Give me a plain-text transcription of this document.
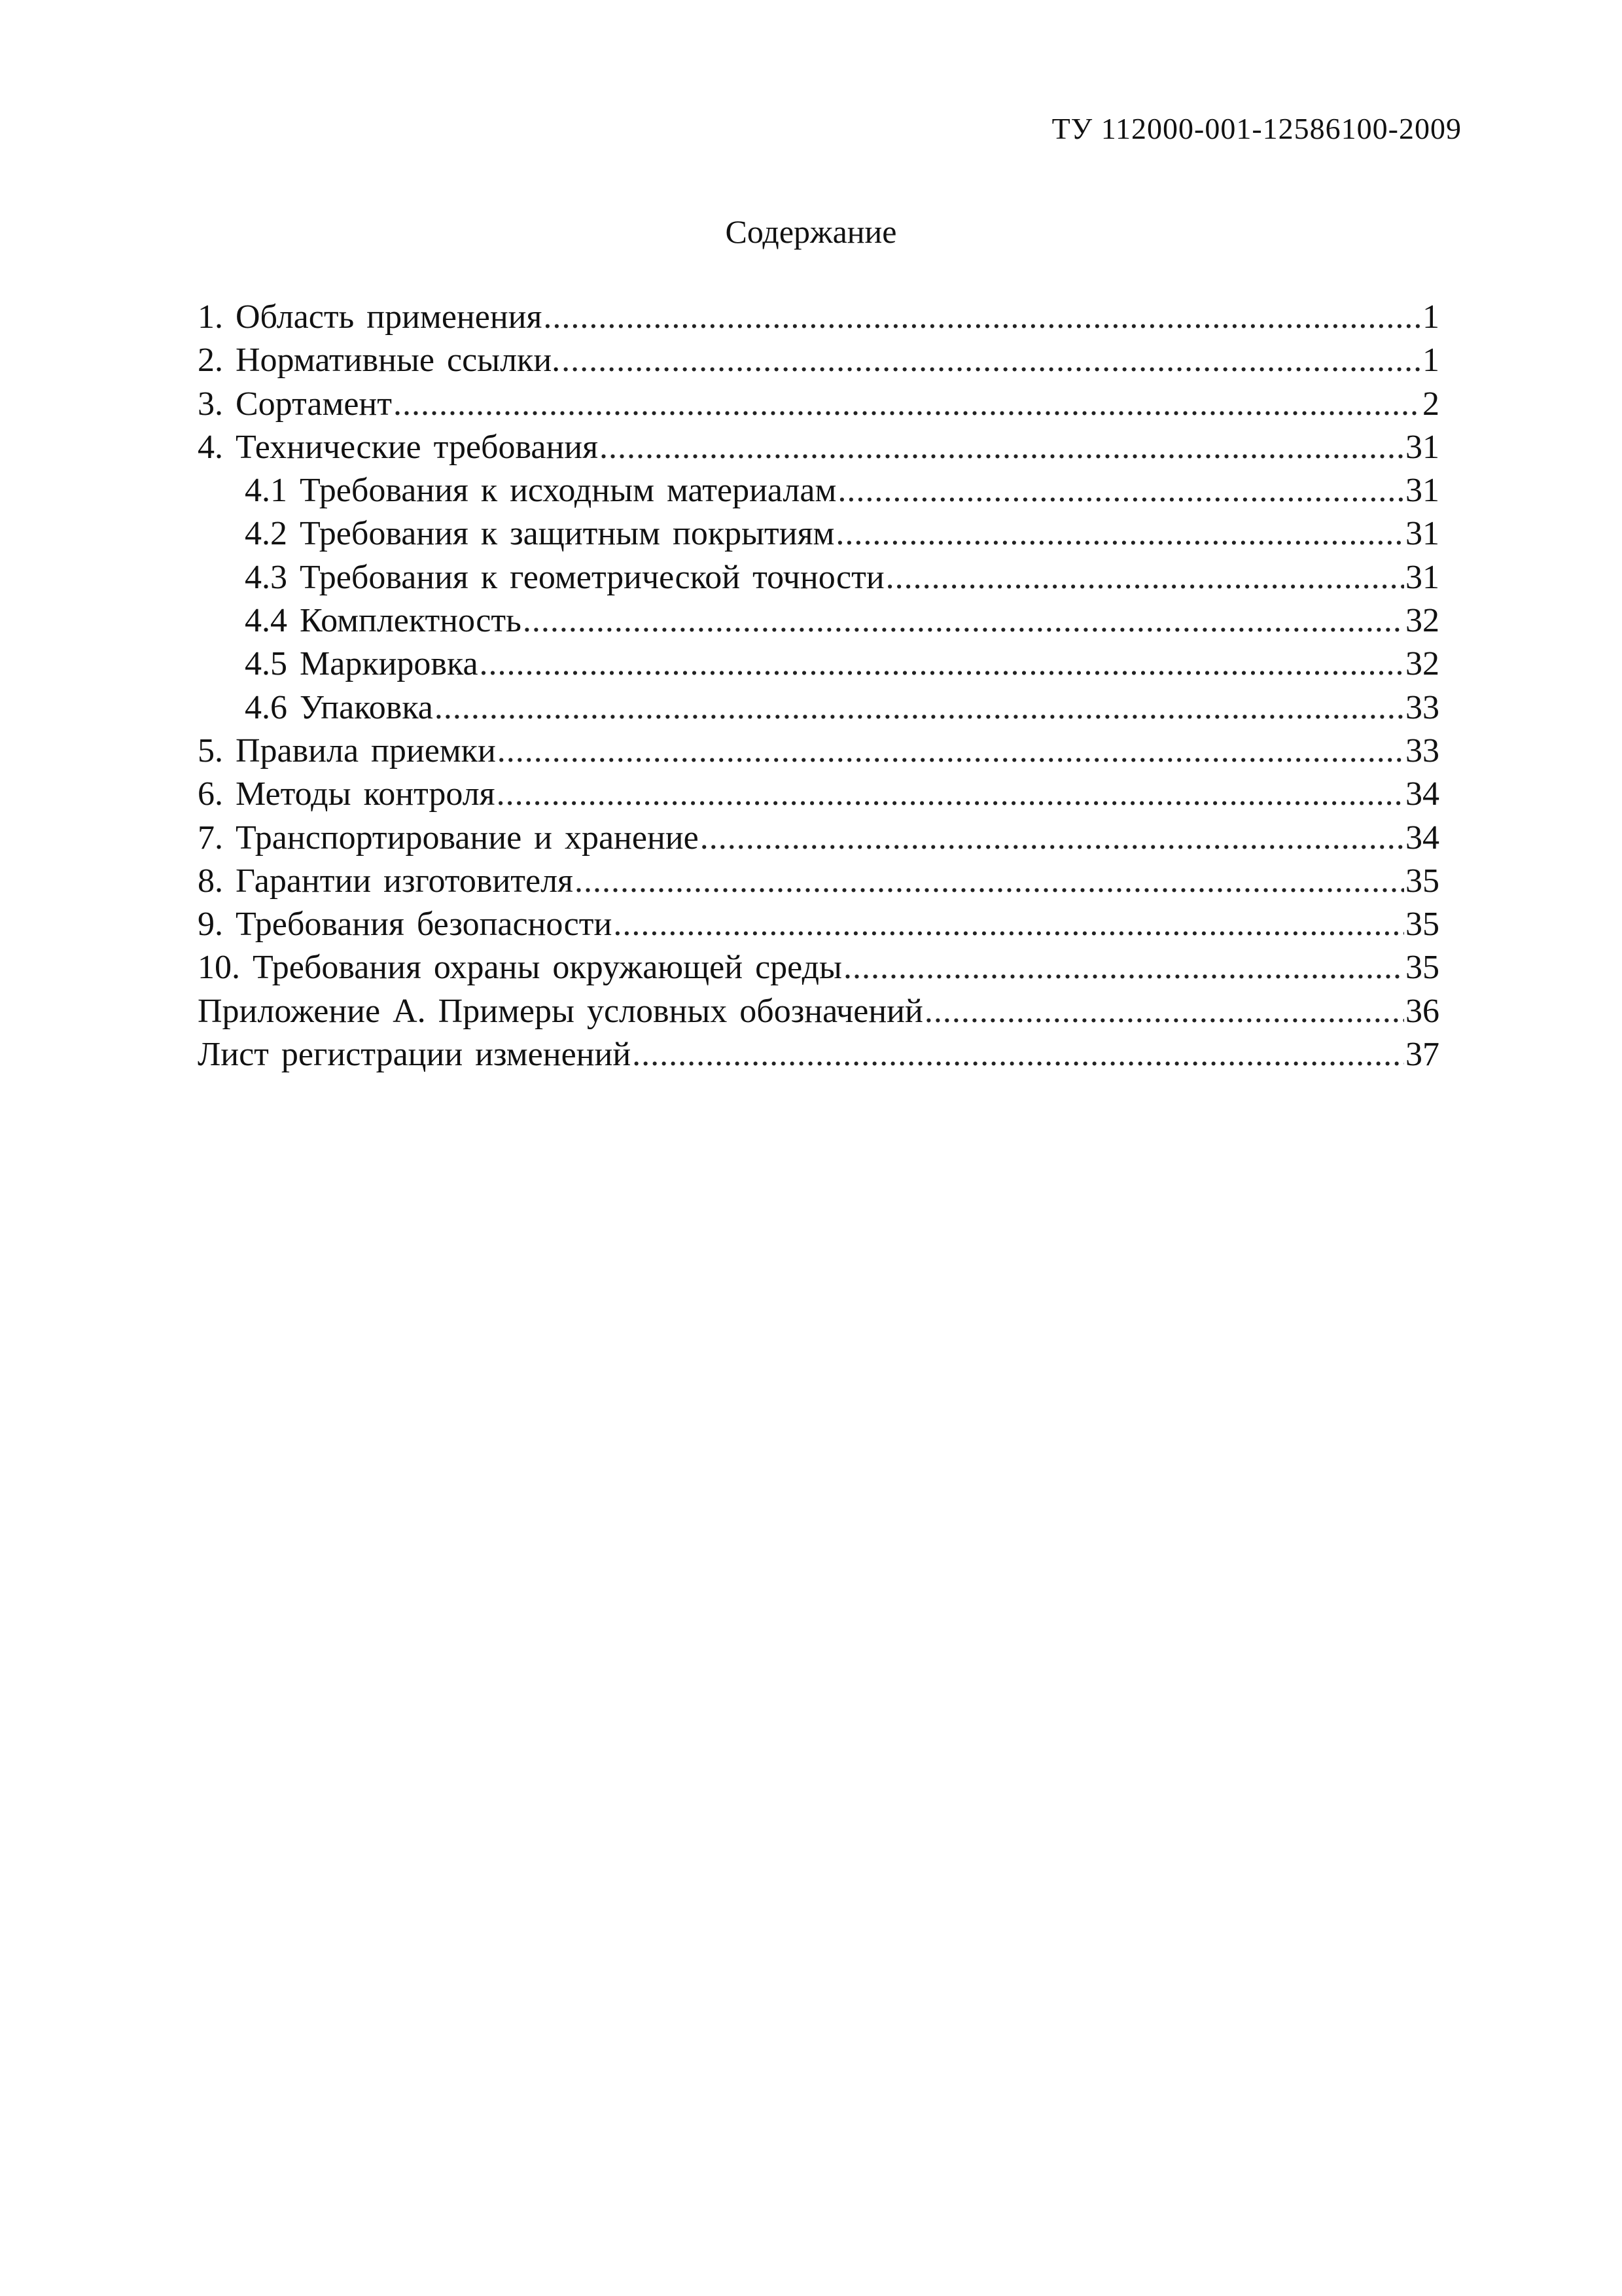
ТУ 112000-001-12586100-2009
Содержание
1. Область применения .....	1
2. Нормативные ссылки. .....	1
3. Сортамент .....	2
4. Технические требования .....	31
4.1 Требования к исходным материалам .....	31
4.2 Требования к защитным покрытиям .....	31
4.3 Требования к геометрической точности .....	31
4.4 Комплектность .....	32
4.5 Маркировка .....	32
4.6 Упаковка .....	33
5. Правила приемки .....	33
6. Методы контроля .....	34
7. Транспортирование и хранение .....	34
8. Гарантии изготовителя .....	35
9. Требования безопасности .....	35
10. Требования охраны окружающей среды .....	35
Приложение А. Примеры условных обозначений .....	36
Лист регистрации изменений .....	37
